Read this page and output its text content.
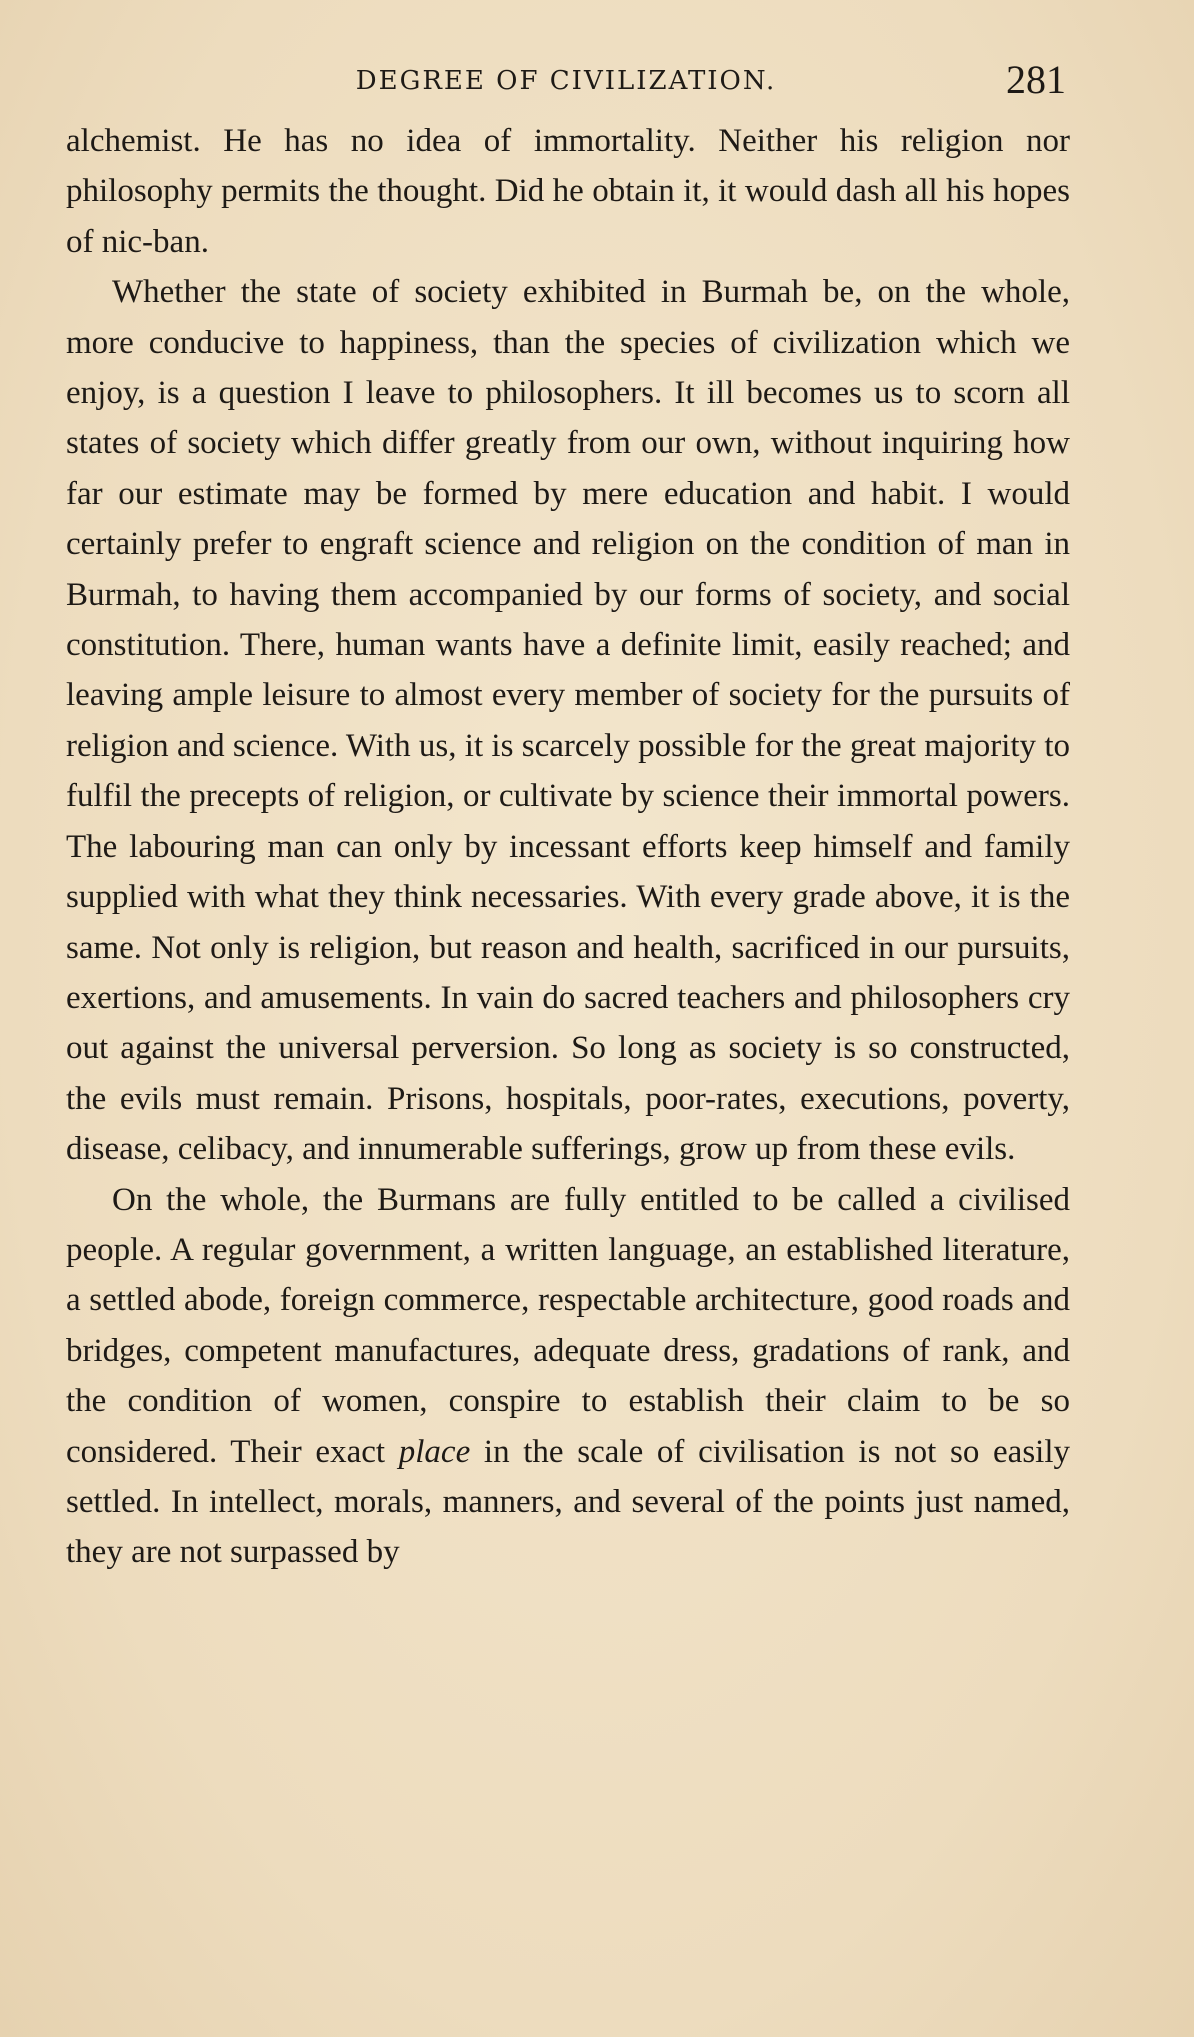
DEGREE OF CIVILIZATION.	281

alchemist. He has no idea of immortality. Neither his religion nor philosophy permits the thought. Did he obtain it, it would dash all his hopes of nic-ban.

Whether the state of society exhibited in Burmah be, on the whole, more conducive to happiness, than the species of civilization which we enjoy, is a question I leave to philosophers. It ill becomes us to scorn all states of society which differ greatly from our own, without inquiring how far our estimate may be formed by mere education and habit. I would certainly prefer to engraft science and religion on the condition of man in Burmah, to having them accompanied by our forms of society, and social constitution. There, human wants have a definite limit, easily reached; and leaving ample leisure to almost every member of society for the pursuits of religion and science. With us, it is scarcely possible for the great majority to fulfil the precepts of religion, or cultivate by science their immortal powers. The labouring man can only by incessant efforts keep himself and family supplied with what they think necessaries. With every grade above, it is the same. Not only is religion, but reason and health, sacrificed in our pursuits, exertions, and amusements. In vain do sacred teachers and philosophers cry out against the universal perversion. So long as society is so constructed, the evils must remain. Prisons, hospitals, poor-rates, executions, poverty, disease, celibacy, and innumerable sufferings, grow up from these evils.

On the whole, the Burmans are fully entitled to be called a civilised people. A regular government, a written language, an established literature, a settled abode, foreign commerce, respectable architecture, good roads and bridges, competent manufactures, adequate dress, gradations of rank, and the condition of women, conspire to establish their claim to be so considered. Their exact place in the scale of civilisation is not so easily settled. In intellect, morals, manners, and several of the points just named, they are not surpassed by
